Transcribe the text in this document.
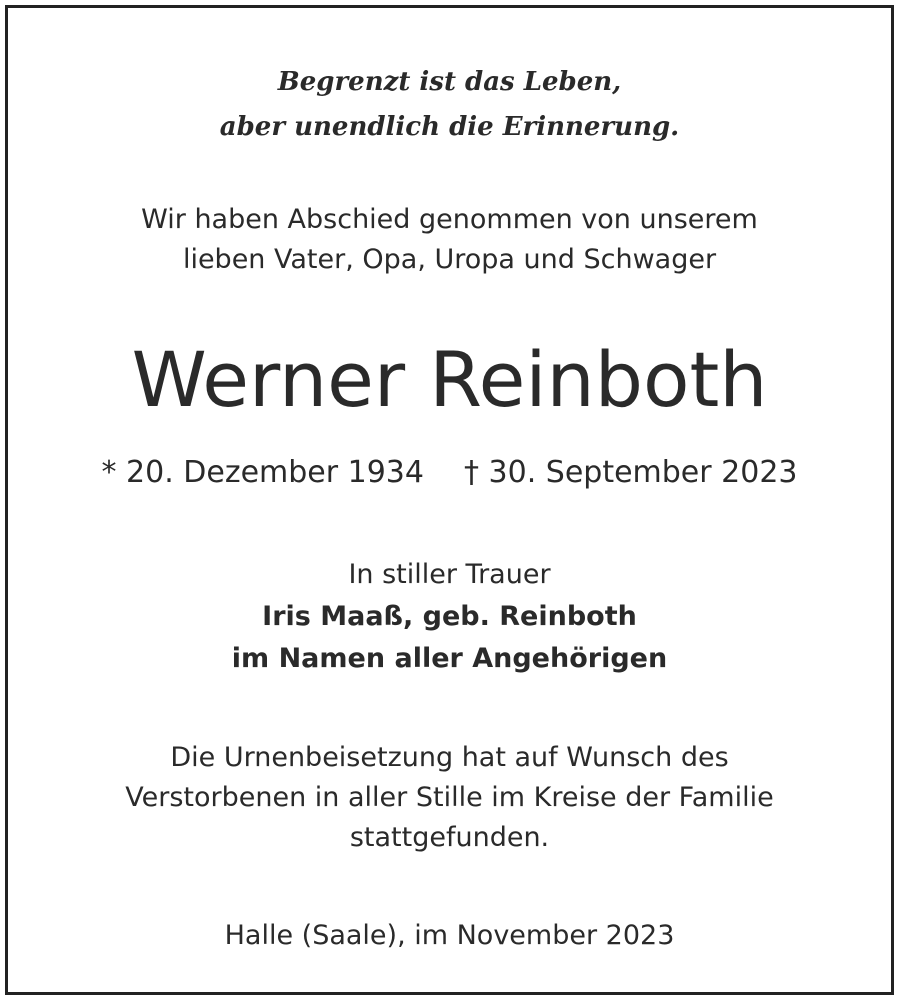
Begrenzt ist das Leben,
aber unendlich die Erinnerung.
Wir haben Abschied genommen von unserem
lieben Vater, Opa, Uropa und Schwager
Werner Reinboth
* 20. Dezember 1934 † 30. September 2023
In stiller Trauer
Iris Maaß, geb. Reinboth
im Namen aller Angehörigen
Die Urnenbeisetzung hat auf Wunsch des
Verstorbenen in aller Stille im Kreise der Familie
stattgefunden.
Halle (Saale), im November 2023
